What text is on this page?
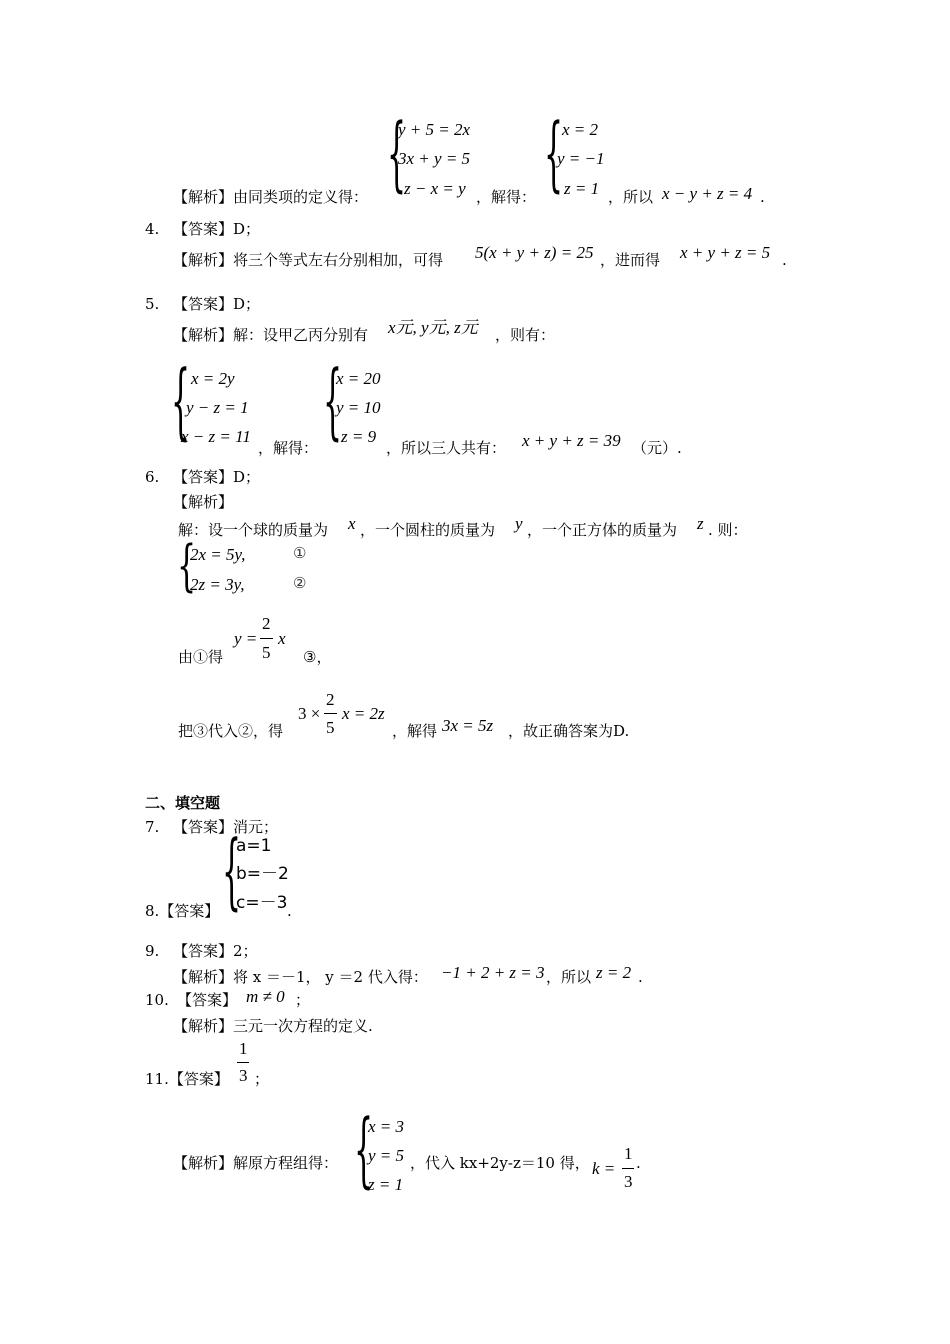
{
y + 5 = 2x
3x + y = 5
z − x = y
【解析】由同类项的定义得：	，解得： {
x = 2
y = −1
z = 1 ，所以 x − y + z = 4 .
4. 【答案】D；
【解析】将三个等式左右分别相加，可得 5(x + y + z) = 25 ，进而得 x + y + z = 5 .
5. 【答案】D；
【解析】解：设甲乙丙分别有 x元, y元, z元 ，则有：
{ x = 2y
y − z = 1
x − z = 11
，解得： {
x = 20
y = 10
z = 9
，所以三人共有： x + y + z = 39 （元）.
6. 【答案】D；
【解析】
解：设一个球的质量为 x ，一个圆柱的质量为 y ，一个正方体的质量为 z . 则：
{
2x = 5y,
2z = 3y,
①
②
由①得
y =
2
5
x
③，
把③代入②，得
3 ×
2
5
x = 2z
，解得 3x = 5z ，故正确答案为D.
二、填空题
7. 【答案】消元；
8.【答案】 {
a=1
b=－2
c=－3 .
9. 【答案】2；
【解析】将 x ＝－1， y ＝2 代入得： −1 + 2 + z = 3 ，所以 z = 2 .
10. 【答案】 m ≠ 0 ；
【解析】三元一次方程的定义.
11.【答案】
1
3 ；
【解析】解原方程组得： {
x = 3
y = 5
z = 1
，代入 kx+2y-z＝10 得， k =
1
3
.
